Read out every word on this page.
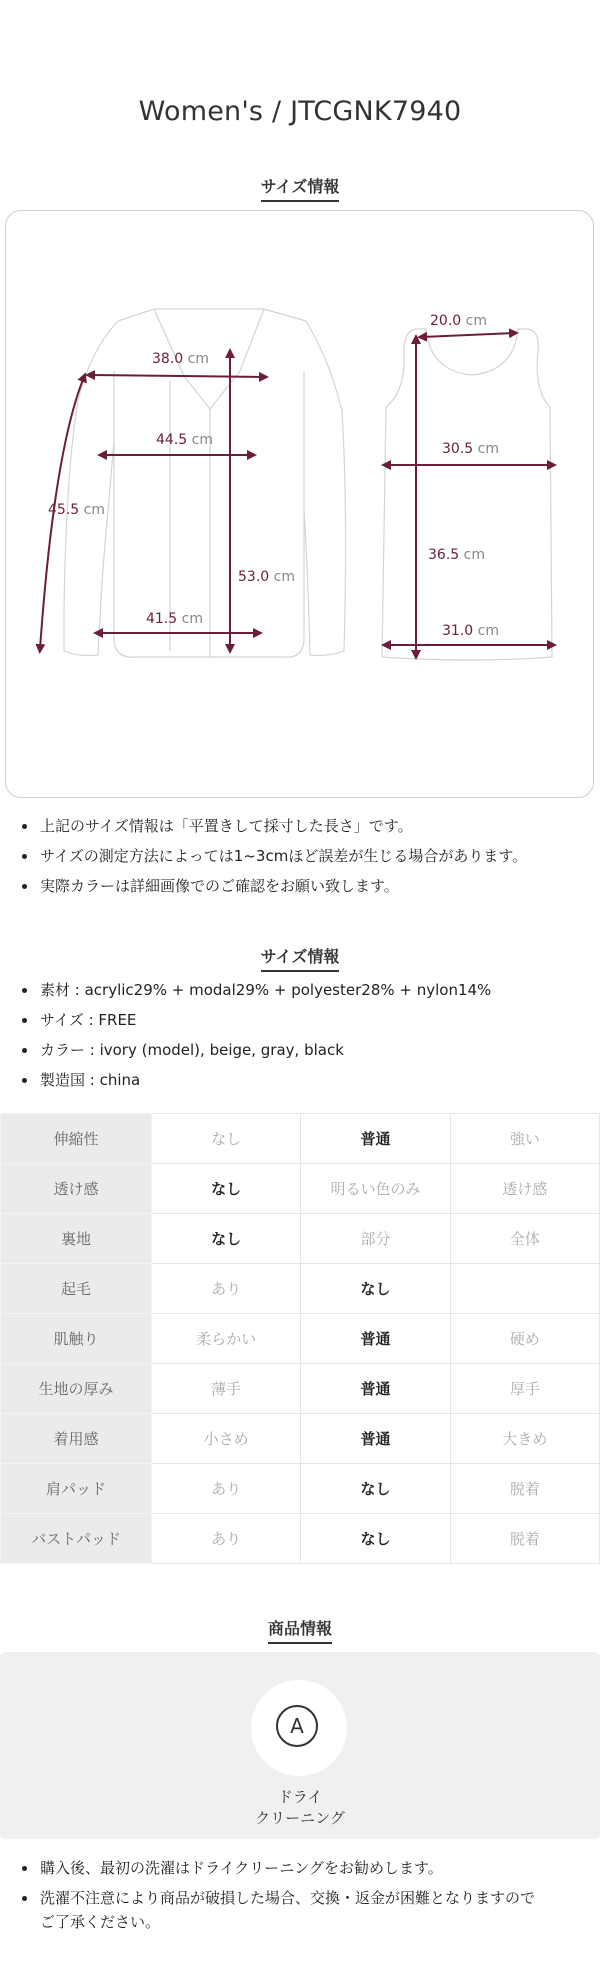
Women's / JTCGNK7940
サイズ情報
38.0 cm
44.5 cm
45.5 cm
53.0 cm
41.5 cm
20.0 cm
30.5 cm
36.5 cm
31.0 cm
上記のサイズ情報は「平置きして採寸した長さ」です。
サイズの測定方法によっては1~3cmほど誤差が生じる場合があります。
実際カラーは詳細画像でのご確認をお願い致します。
サイズ情報
素材 : acrylic29% + modal29% + polyester28% + nylon14%
サイズ : FREE
カラー : ivory (model), beige, gray, black
製造国 : china
伸縮性	なし	普通	強い
透け感	なし	明るい色のみ	透け感
裏地	なし	部分	全体
起毛	あり	なし	
肌触り	柔らかい	普通	硬め
生地の厚み	薄手	普通	厚手
着用感	小さめ	普通	大きめ
肩パッド	あり	なし	脱着
バストパッド	あり	なし	脱着
商品情報
A
ドライ
クリーニング
購入後、最初の洗濯はドライクリーニングをお勧めします。
洗濯不注意により商品が破損した場合、交換・返金が困難となりますので
ご了承ください。
